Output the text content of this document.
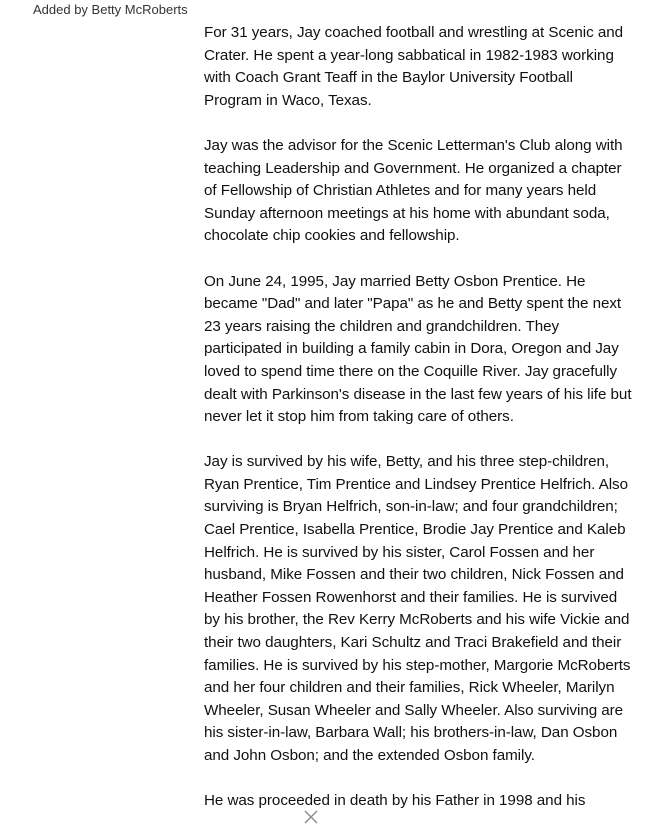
Added by Betty McRoberts

For 31 years, Jay coached football and wrestling at Scenic and Crater. He spent a year-long sabbatical in 1982-1983 working with Coach Grant Teaff in the Baylor University Football Program in Waco, Texas.

Jay was the advisor for the Scenic Letterman's Club along with teaching Leadership and Government. He organized a chapter of Fellowship of Christian Athletes and for many years held Sunday afternoon meetings at his home with abundant soda, chocolate chip cookies and fellowship.

On June 24, 1995, Jay married Betty Osbon Prentice. He became "Dad" and later "Papa" as he and Betty spent the next 23 years raising the children and grandchildren. They participated in building a family cabin in Dora, Oregon and Jay loved to spend time there on the Coquille River. Jay gracefully dealt with Parkinson's disease in the last few years of his life but never let it stop him from taking care of others.

Jay is survived by his wife, Betty, and his three step-children, Ryan Prentice, Tim Prentice and Lindsey Prentice Helfrich. Also surviving is Bryan Helfrich, son-in-law; and four grandchildren; Cael Prentice, Isabella Prentice, Brodie Jay Prentice and Kaleb Helfrich. He is survived by his sister, Carol Fossen and her husband, Mike Fossen and their two children, Nick Fossen and Heather Fossen Rowenhorst and their families. He is survived by his brother, the Rev Kerry McRoberts and his wife Vickie and their two daughters, Kari Schultz and Traci Brakefield and their families. He is survived by his step-mother, Margorie McRoberts and her four children and their families, Rick Wheeler, Marilyn Wheeler, Susan Wheeler and Sally Wheeler. Also surviving are his sister-in-law, Barbara Wall; his brothers-in-law, Dan Osbon and John Osbon; and the extended Osbon family.

He was proceeded in death by his Father in 1998 and his
